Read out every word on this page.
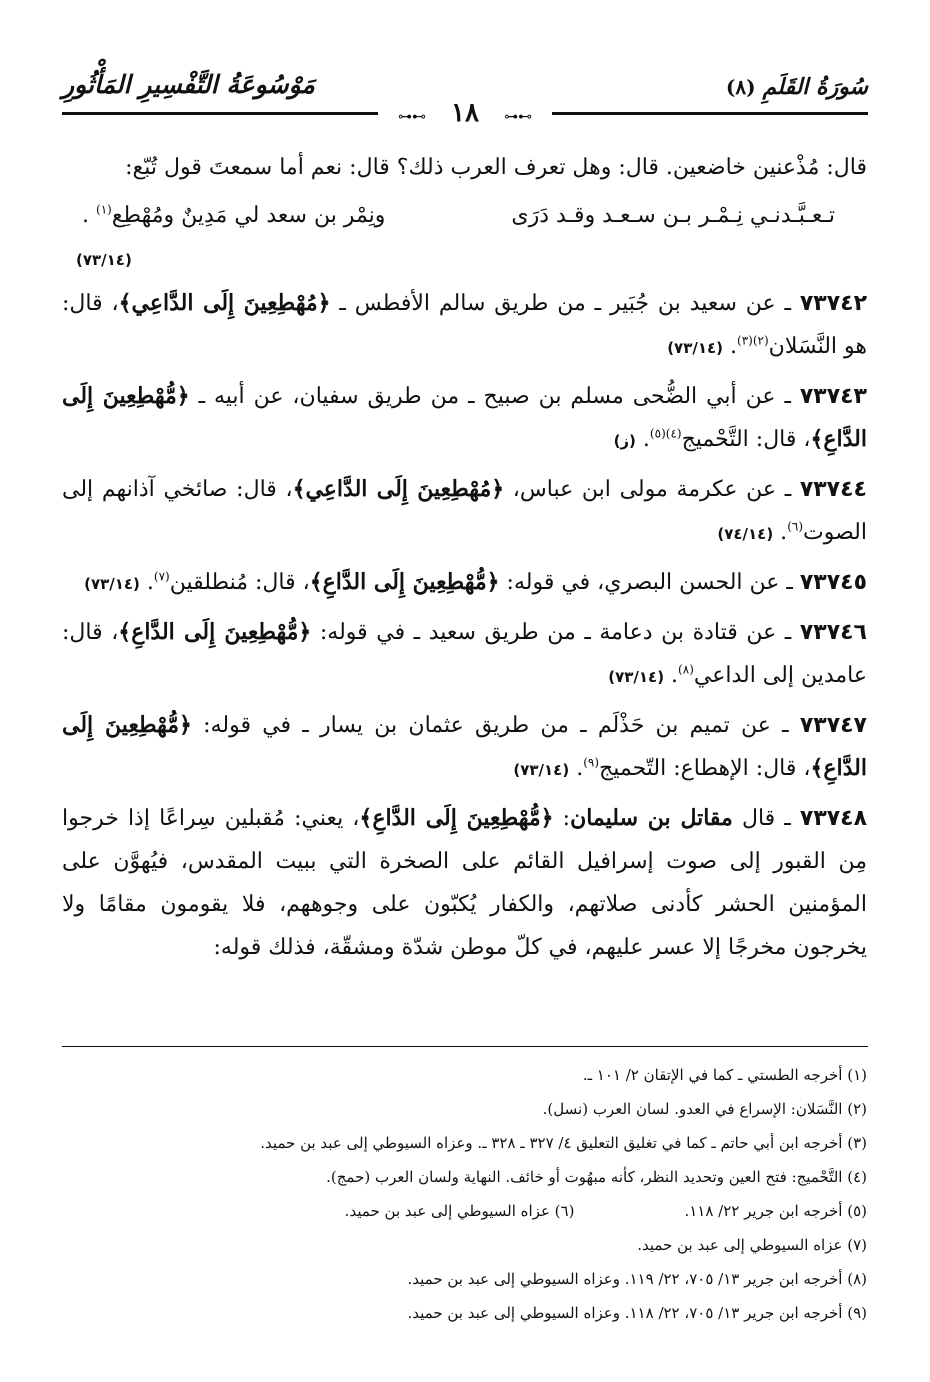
سُورَةُ القَلَمِ (٨)
مَوْسُوعَةُ التَّفْسِيرِ المَأْثُورِ
⊶⊷ ١٨ ⊶⊷

قال: مُذْعنين خاضعين. قال: وهل تعرف العرب ذلك؟ قال: نعم أما سمعتَ قول تُبّع:

تـعـبَّـدنـي نِـمْـر بـن سـعـد وقـد دَرَى
ونِمْر بن سعد لي مَدِينٌ ومُهْطِع$^{(١)}$ .
(٧٣/١٤)

٧٣٧٤٢ ـ عن سعيد بن جُبَير ـ من طريق سالم الأفطس ـ ﴿مُهْطِعِينَ إِلَى الدَّاعِي﴾، قال: هو النَّسَلان$^{(٢)(٣)}$. (٧٣/١٤)

٧٣٧٤٣ ـ عن أبي الضُّحى مسلم بن صبيح ـ من طريق سفيان، عن أبيه ـ ﴿مُّهْطِعِينَ إِلَى الدَّاعِ﴾، قال: التَّحْميج$^{(٤)(٥)}$. (ز)

٧٣٧٤٤ ـ عن عكرمة مولى ابن عباس، ﴿مُهْطِعِينَ إِلَى الدَّاعِي﴾، قال: صائخي آذانهم إلى الصوت$^{(٦)}$. (٧٤/١٤)

٧٣٧٤٥ ـ عن الحسن البصري، في قوله: ﴿مُّهْطِعِينَ إِلَى الدَّاعِ﴾، قال: مُنطلقين$^{(٧)}$. (٧٣/١٤)

٧٣٧٤٦ ـ عن قتادة بن دعامة ـ من طريق سعيد ـ في قوله: ﴿مُّهْطِعِينَ إِلَى الدَّاعِ﴾، قال: عامدين إلى الداعي$^{(٨)}$. (٧٣/١٤)

٧٣٧٤٧ ـ عن تميم بن حَذْلَم ـ من طريق عثمان بن يسار ـ في قوله: ﴿مُّهْطِعِينَ إِلَى الدَّاعِ﴾، قال: الإهطاع: التّحميج$^{(٩)}$. (٧٣/١٤)

٧٣٧٤٨ ـ قال مقاتل بن سليمان: ﴿مُّهْطِعِينَ إِلَى الدَّاعِ﴾، يعني: مُقبلين سِراعًا إذا خرجوا مِن القبور إلى صوت إسرافيل القائم على الصخرة التي ببيت المقدس، فيُهوَّن على المؤمنين الحشر كأدنى صلاتهم، والكفار يُكبّون على وجوههم، فلا يقومون مقامًا ولا يخرجون مخرجًا إلا عسر عليهم، في كلّ موطن شدّة ومشقّة، فذلك قوله:

(١) أخرجه الطستي ـ كما في الإتقان ٢/ ١٠١ ـ.
(٢) النَّسَلان: الإسراع في العدو. لسان العرب (نسل).
(٣) أخرجه ابن أبي حاتم ـ كما في تغليق التعليق ٤/ ٣٢٧ ـ ٣٢٨ ـ. وعزاه السيوطي إلى عبد بن حميد.
(٤) التَّحْميج: فتح العين وتحديد النظر، كأنه مبهُوت أو خائف. النهاية ولسان العرب (حمج).
(٥) أخرجه ابن جرير ٢٢/ ١١٨.
(٦) عزاه السيوطي إلى عبد بن حميد.
(٧) عزاه السيوطي إلى عبد بن حميد.
(٨) أخرجه ابن جرير ١٣/ ٧٠٥، ٢٢/ ١١٩. وعزاه السيوطي إلى عبد بن حميد.
(٩) أخرجه ابن جرير ١٣/ ٧٠٥، ٢٢/ ١١٨. وعزاه السيوطي إلى عبد بن حميد.
